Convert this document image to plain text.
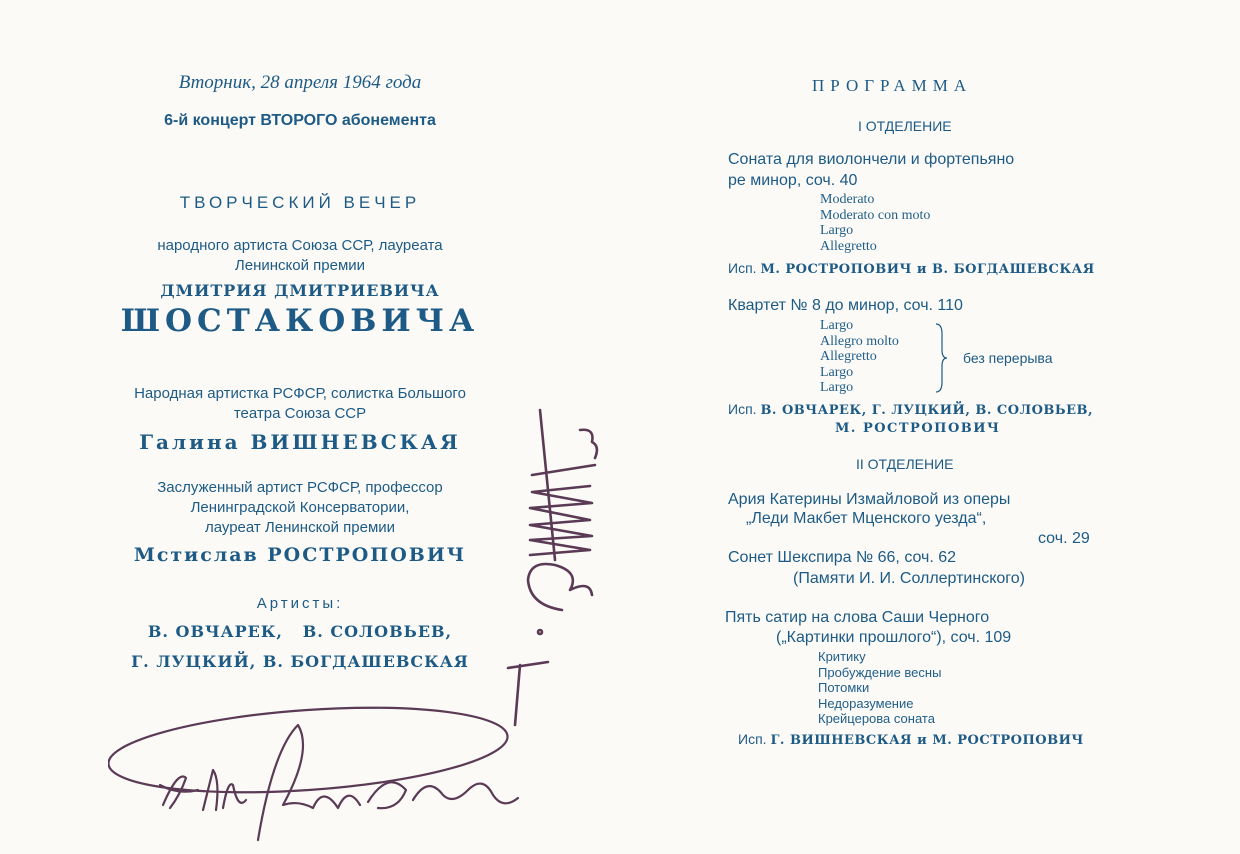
Вторник, 28 апреля 1964 года
6-й концерт ВТОРОГО абонемента
ТВОРЧЕСКИЙ ВЕЧЕР
народного артиста Союза ССР, лауреата
Ленинской премии
ДМИТРИЯ ДМИТРИЕВИЧА
ШОСТАКОВИЧА
Народная артистка РСФСР, солистка Большого
театра Союза ССР
Галина ВИШНЕВСКАЯ
Заслуженный артист РСФСР, профессор
Ленинградской Консерватории,
лауреат Ленинской премии
Мстислав РОСТРОПОВИЧ
Артисты:
В. ОВЧАРЕК,   В. СОЛОВЬЕВ,
Г. ЛУЦКИЙ, В. БОГДАШЕВСКАЯ
ПРОГРАММА
I ОТДЕЛЕНИЕ
Соната для виолончели и фортепьяно
ре минор, соч. 40
Moderato
Moderato con moto
Largo
Allegretto
Исп. М. РОСТРОПОВИЧ и В. БОГДАШЕВСКАЯ
Квартет № 8 до минор, соч. 110
Largo
Allegro molto
Allegretto
Largo
Largo
без перерыва
Исп. В. ОВЧАРЕК, Г. ЛУЦКИЙ, В. СОЛОВЬЕВ,
М. РОСТРОПОВИЧ
II ОТДЕЛЕНИЕ
Ария Катерины Измайловой из оперы
„Леди Макбет Мценского уезда“,
соч. 29
Сонет Шекспира № 66, соч. 62
(Памяти И. И. Соллертинского)
Пять сатир на слова Саши Черного
(„Картинки прошлого“), соч. 109
Критику
Пробуждение весны
Потомки
Недоразумение
Крейцерова соната
Исп. Г. ВИШНЕВСКАЯ и М. РОСТРОПОВИЧ
